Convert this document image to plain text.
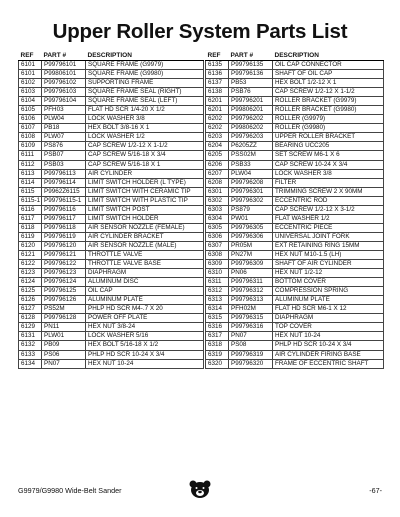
Upper Roller System Parts List
REF	PART #	DESCRIPTION
6101	P99796101	SQUARE FRAME (G9979)
6101	P99806101	SQUARE FRAME (G9980)
6102	P99796102	SUPPORTING FRAME
6103	P99796103	SQUARE FRAME SEAL (RIGHT)
6104	P99796104	SQUARE FRAME SEAL (LEFT)
6105	PFH03	FLAT HD SCR 1/4-20 X 1/2
6106	PLW04	LOCK WASHER 3/8
6107	PB18	HEX BOLT 3/8-16 X 1
6108	PLW07	LOCK WASHER 1/2
6109	PS876	CAP SCREW 1/2-12 X 1-1/2
6111	PSB07	CAP SCREW 5/16-18 X 3/4
6112	PSB03	CAP SCREW 5/16-18 X 1
6113	P99796113	AIR CYLINDER
6114	P99796114	LIMIT SWITCH HOLDER (L TYPE)
6115	P9962Z6115	LIMIT SWITCH WITH CERAMIC TIP
6115-1	P99796115-1	LIMIT SWITCH WITH PLASTIC TIP
6116	P99796116	LIMIT SWITCH POST
6117	P99796117	LIMIT SWITCH HOLDER
6118	P99796118	AIR SENSOR NOZZLE (FEMALE)
6119	P99796119	AIR CYLINDER BRACKET
6120	P99796120	AIR SENSOR NOZZLE (MALE)
6121	P99796121	THROTTLE VALVE
6122	P99796122	THROTTLE VALVE BASE
6123	P99796123	DIAPHRAGM
6124	P99796124	ALUMINUM DISC
6125	P99796125	OIL CAP
6126	P99796126	ALUMINUM PLATE
6127	PS52M	PHLP HD SCR M4-.7 X 20
6128	P99796128	POWER OFF PLATE
6129	PN11	HEX NUT 3/8-24
6131	PLW01	LOCK WASHER 5/16
6132	PB09	HEX BOLT 5/16-18 X 1/2
6133	PS06	PHLP HD SCR 10-24 X 3/4
6134	PN07	HEX NUT 10-24
REF	PART #	DESCRIPTION
6135	P99796135	OIL CAP CONNECTOR
6136	P99796136	SHAFT OF OIL CAP
6137	PB53	HEX BOLT 1/2-12 X 1
6138	PSB76	CAP SCREW 1/2-12 X 1-1/2
6201	P99796201	ROLLER BRACKET (G9979)
6201	P99806201	ROLLER BRACKET (G9980)
6202	P99796202	ROLLER (G9979)
6202	P99806202	ROLLER (G9980)
6203	P99796203	UPPER ROLLER BRACKET
6204	P6205ZZ	BEARING UCC205
6205	PSS02M	SET SCREW M6-1 X 6
6206	PSB33	CAP SCREW 10-24 X 3/4
6207	PLW04	LOCK WASHER 3/8
6208	P99796208	FILTER
6301	P99796301	TRIMMING SCREW 2 X 90MM
6302	P99796302	ECCENTRIC ROD
6303	PS879	CAP SCREW 1/2-12 X 3-1/2
6304	PW01	FLAT WASHER 1/2
6305	P99796305	ECCENTRIC PIECE
6306	P99796306	UNIVERSAL JOINT FORK
6307	PR05M	EXT RETAINING RING 15MM
6308	PN27M	HEX NUT M10-1.5 (LH)
6309	P99796309	SHAFT OF AIR CYLINDER
6310	PN06	HEX NUT 1/2-12
6311	P99796311	BOTTOM COVER
6312	P99796312	COMPRESSION SPRING
6313	P99796313	ALUMINUM PLATE
6314	PFH02M	FLAT HD SCR M6-1 X 12
6315	P99796315	DIAPHRAGM
6316	P99796316	TOP COVER
6317	PN07	HEX NUT 10-24
6318	PS08	PHLP HD SCR 10-24 X 3/4
6319	P99796319	AIR CYLINDER FIRING BASE
6320	P99796320	FRAME OF ECCENTRIC SHAFT
G9979/G9980 Wide-Belt Sander	-67-
